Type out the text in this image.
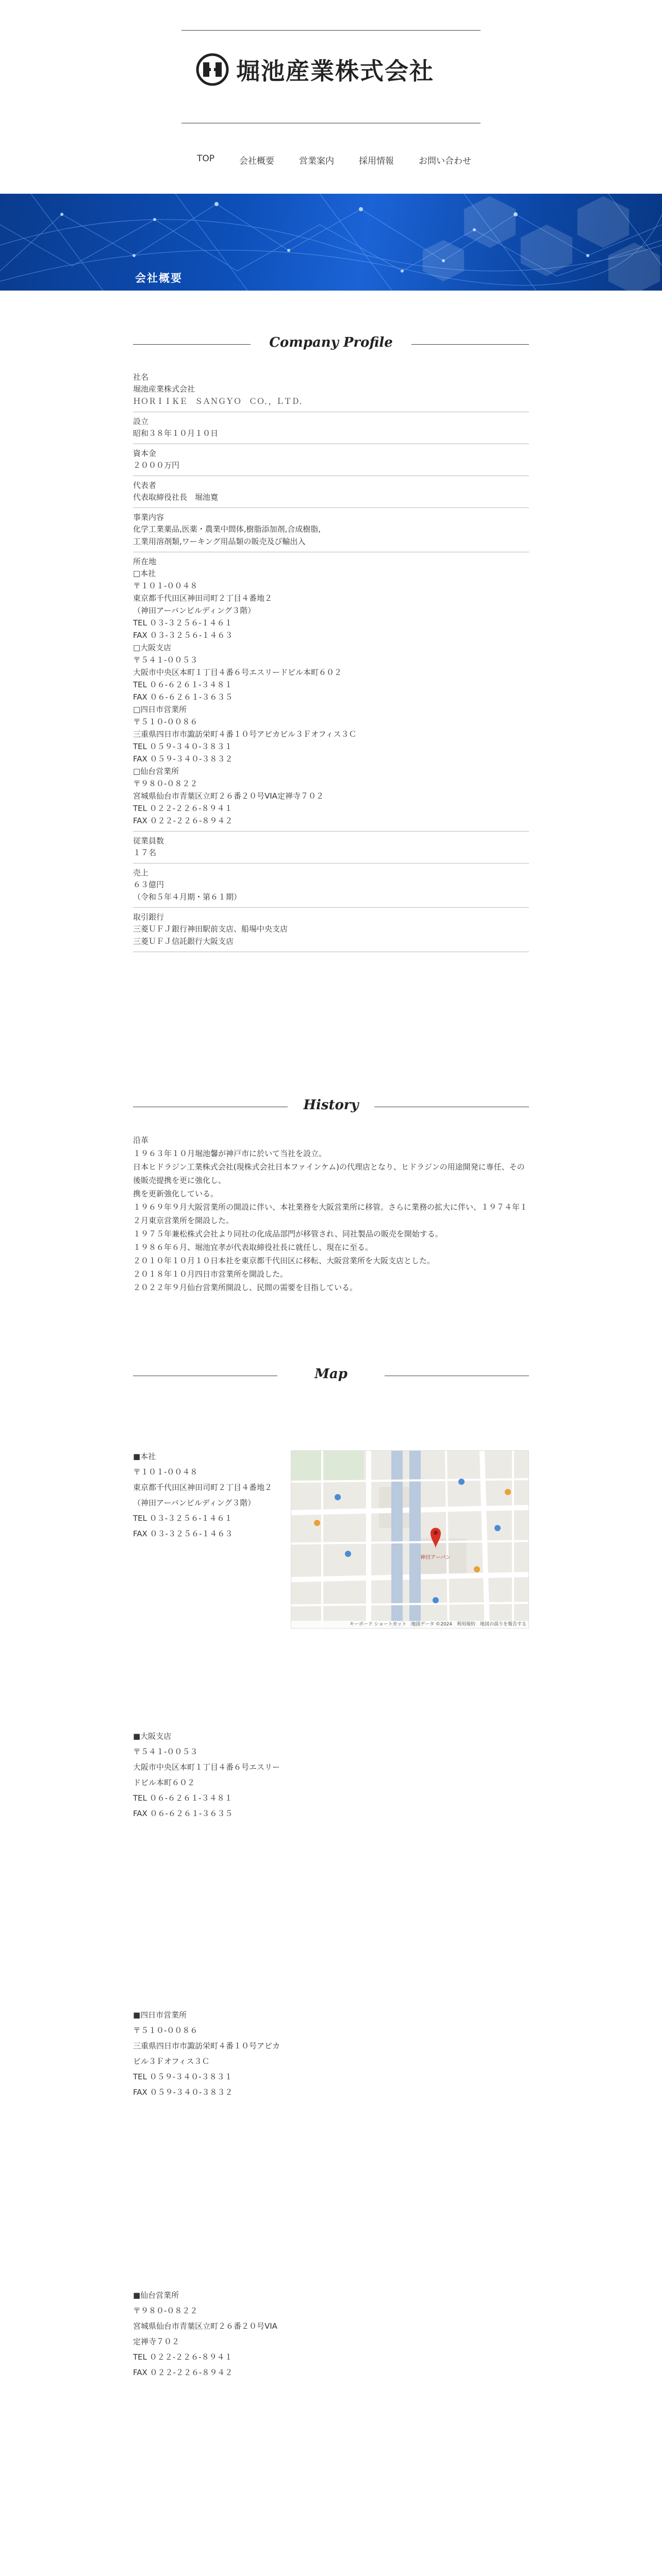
堀池産業株式会社
TOP	会社概要	営業案内	採用情報	お問い合わせ
会社概要
Company Profile
社名
堀池産業株式会社
ＨＯＲＩＩＫＥ　ＳＡＮＧＹＯ　ＣＯ．，ＬＴＤ．
設立
昭和３８年１０月１０日
資本金
２０００万円
代表者
代表取締役社長　堀池寛
事業内容
化学工業薬品,医薬・農業中間体,樹脂添加剤,合成樹脂,
工業用溶剤類,ワーキング用品類の販売及び輸出入
所在地
□本社
〒１０１-００４８
東京都千代田区神田司町２丁目４番地２
（神田アーバンビルディング３階）
TEL ０３-３２５６-１４６１
FAX ０３-３２５６-１４６３
□大阪支店
〒５４１-００５３
大阪市中央区本町１丁目４番６号エスリードビル本町６０２
TEL ０６-６２６１-３４８１
FAX ０６-６２６１-３６３５
□四日市営業所
〒５１０-００８６
三重県四日市市諏訪栄町４番１０号アピカビル３Ｆオフィス３Ｃ
TEL ０５９-３４０-３８３１
FAX ０５９-３４０-３８３２
□仙台営業所
〒９８０-０８２２
宮城県仙台市青葉区立町２６番２０号VIA定禅寺７０２
TEL ０２２-２２６-８９４１
FAX ０２２-２２６-８９４２
従業員数
１７名
売上
６３億円
（令和５年４月期・第６１期）
取引銀行
三菱ＵＦＪ銀行神田駅前支店、船場中央支店
三菱ＵＦＪ信託銀行大阪支店
History
沿革
１９６３年１０月堀池馨が神戸市に於いて当社を設立。
日本ヒドラジン工業株式会社(現株式会社日本ファインケム)の代理店となり、ヒドラジンの用途開発に専任、その後販売提携を更に強化し、
携を更新強化している。
１９６９年９月大阪営業所の開設に伴い、本社業務を大阪営業所に移管。さらに業務の拡大に伴い、１９７４年１２月東京営業所を開設した。
１９７５年兼松株式会社より同社の化成品部門が移管され、同社製品の販売を開始する。
１９８６年６月、堀池宜孝が代表取締役社長に就任し、現在に至る。
２０１０年１０月１０日本社を東京都千代田区に移転、大阪営業所を大阪支店とした。
２０１８年１０月四日市営業所を開設した。
２０２２年９月仙台営業所開設し、民間の需要を目指している。
Map
■本社
〒１０１-００４８
東京都千代田区神田司町２丁目４番地２
（神田アーバンビルディング３階）
TEL ０３-３２５６-１４６１
FAX ０３-３２５６-１４６３
神田アーバン
キーボード ショートカット　地図データ ©2024　利用規約　地図の誤りを報告する
■大阪支店
〒５４１-００５３
大阪市中央区本町１丁目４番６号エスリー
ドビル本町６０２
TEL ０６-６２６１-３４８１
FAX ０６-６２６１-３６３５
■四日市営業所
〒５１０-００８６
三重県四日市市諏訪栄町４番１０号アピカ
ビル３Ｆオフィス３Ｃ
TEL ０５９-３４０-３８３１
FAX ０５９-３４０-３８３２
■仙台営業所
〒９８０-０８２２
宮城県仙台市青葉区立町２６番２０号VIA
定禅寺７０２
TEL ０２２-２２６-８９４１
FAX ０２２-２２６-８９４２
